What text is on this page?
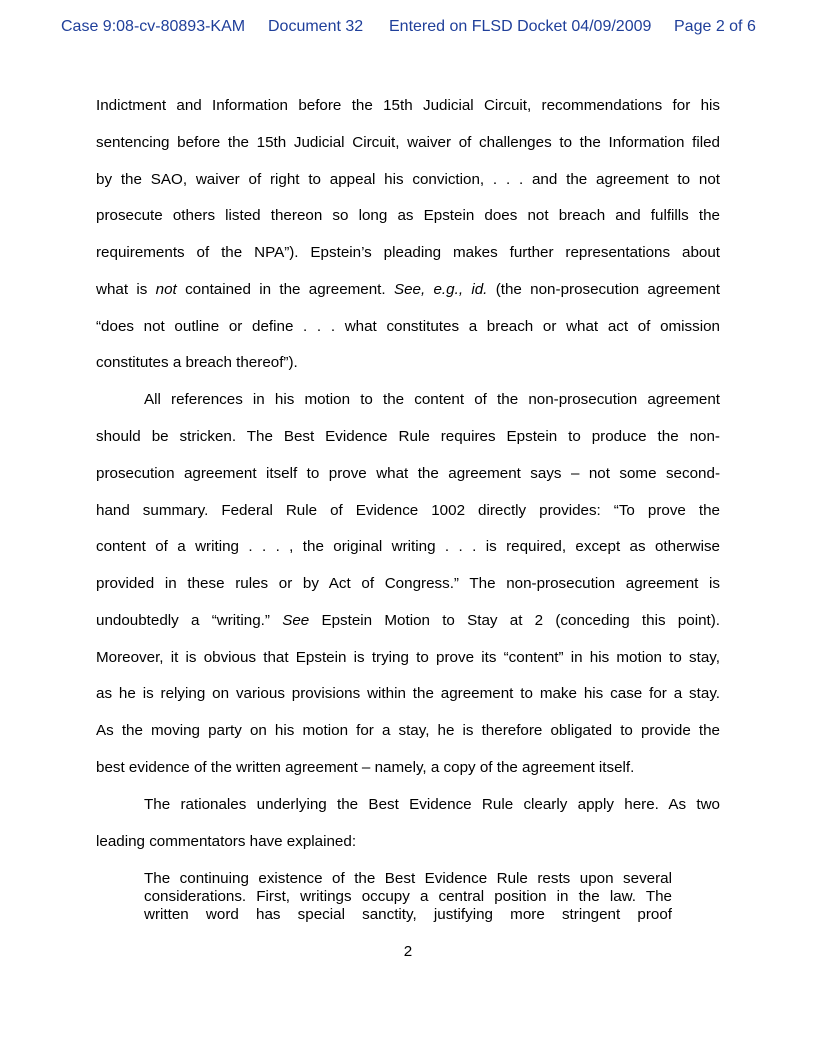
Case 9:08-cv-80893-KAM Document 32 Entered on FLSD Docket 04/09/2009 Page 2 of 6
Indictment and Information before the 15th Judicial Circuit, recommendations for his
sentencing before the 15th Judicial Circuit, waiver of challenges to the Information filed
by the SAO, waiver of right to appeal his conviction, . . . and the agreement to not
prosecute others listed thereon so long as Epstein does not breach and fulfills the
requirements of the NPA”). Epstein’s pleading makes further representations about
what is not contained in the agreement. See, e.g., id. (the non-prosecution agreement
“does not outline or define . . . what constitutes a breach or what act of omission
constitutes a breach thereof”).
All references in his motion to the content of the non-prosecution agreement
should be stricken. The Best Evidence Rule requires Epstein to produce the non-
prosecution agreement itself to prove what the agreement says – not some second-
hand summary. Federal Rule of Evidence 1002 directly provides: “To prove the
content of a writing . . . , the original writing . . . is required, except as otherwise
provided in these rules or by Act of Congress.” The non-prosecution agreement is
undoubtedly a “writing.” See Epstein Motion to Stay at 2 (conceding this point).
Moreover, it is obvious that Epstein is trying to prove its “content” in his motion to stay,
as he is relying on various provisions within the agreement to make his case for a stay.
As the moving party on his motion for a stay, he is therefore obligated to provide the
best evidence of the written agreement – namely, a copy of the agreement itself.
The rationales underlying the Best Evidence Rule clearly apply here. As two
leading commentators have explained:
The continuing existence of the Best Evidence Rule rests upon several
considerations. First, writings occupy a central position in the law. The
written word has special sanctity, justifying more stringent proof
2
